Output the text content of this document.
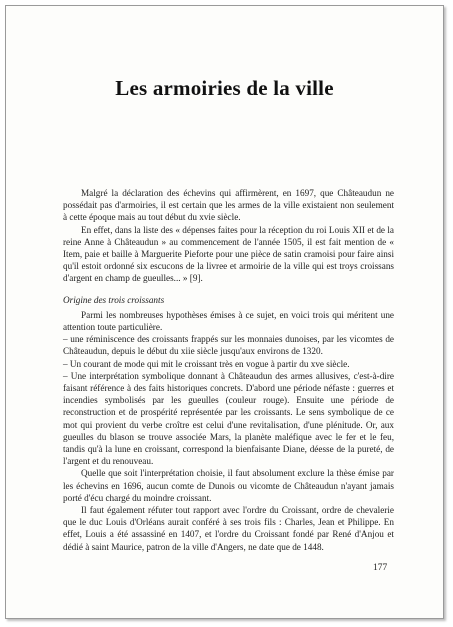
Les armoiries de la ville

Malgré la déclaration des échevins qui affirmèrent, en 1697, que Châteaudun ne possédait pas d'armoiries, il est certain que les armes de la ville existaient non seulement à cette époque mais au tout début du xvie siècle.

En effet, dans la liste des « dépenses faites pour la réception du roi Louis XII et de la reine Anne à Châteaudun » au commencement de l'année 1505, il est fait mention de « Item, paie et baille à Marguerite Pieforte pour une pièce de satin cramoisi pour faire ainsi qu'il estoit ordonné six escucons de la livree et armoirie de la ville qui est troys croissans d'argent en champ de gueulles... » [9].

Origine des trois croissants

Parmi les nombreuses hypothèses émises à ce sujet, en voici trois qui méritent une attention toute particulière.

– une réminiscence des croissants frappés sur les monnaies dunoises, par les vicomtes de Châteaudun, depuis le début du xiie siècle jusqu'aux environs de 1320.

– Un courant de mode qui mit le croissant très en vogue à partir du xve siècle.

– Une interprétation symbolique donnant à Châteaudun des armes allusives, c'est-à-dire faisant référence à des faits historiques concrets. D'abord une période néfaste : guerres et incendies symbolisés par les gueulles (couleur rouge). Ensuite une période de reconstruction et de prospérité représentée par les croissants. Le sens symbolique de ce mot qui provient du verbe croître est celui d'une revitalisation, d'une plénitude. Or, aux gueulles du blason se trouve associée Mars, la planète maléfique avec le fer et le feu, tandis qu'à la lune en croissant, correspond la bienfaisante Diane, déesse de la pureté, de l'argent et du renouveau.

Quelle que soit l'interprétation choisie, il faut absolument exclure la thèse émise par les échevins en 1696, aucun comte de Dunois ou vicomte de Châteaudun n'ayant jamais porté d'écu chargé du moindre croissant.

Il faut également réfuter tout rapport avec l'ordre du Croissant, ordre de chevalerie que le duc Louis d'Orléans aurait conféré à ses trois fils : Charles, Jean et Philippe. En effet, Louis a été assassiné en 1407, et l'ordre du Croissant fondé par René d'Anjou et dédié à saint Maurice, patron de la ville d'Angers, ne date que de 1448.

177
